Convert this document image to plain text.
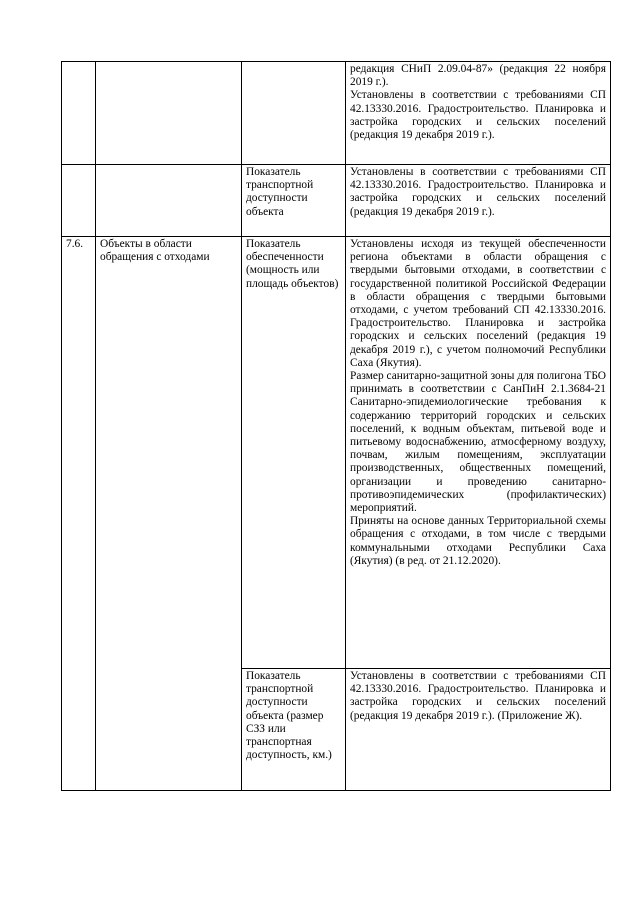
			редакция СНиП 2.09.04-87» (редакция 22 ноября 2019 г.).
Установлены в соответствии с требованиями СП 42.13330.2016. Градостроительство. Планировка и застройка городских и сельских поселений (редакция 19 декабря 2019 г.).

		Показатель транспортной доступности объекта	Установлены в соответствии с требованиями СП 42.13330.2016. Градостроительство. Планировка и застройка городских и сельских поселений (редакция 19 декабря 2019 г.).

7.6.	Объекты в области обращения с отходами	Показатель обеспеченности (мощность или площадь объектов)	Установлены исходя из текущей обеспеченности региона объектами в области обращения с твердыми бытовыми отходами, в соответствии с государственной политикой Российской Федерации в области обращения с твердыми бытовыми отходами, с учетом требований СП 42.13330.2016. Градостроительство. Планировка и застройка городских и сельских поселений (редакция 19 декабря 2019 г.), с учетом полномочий Республики Саха (Якутия).
Размер санитарно-защитной зоны для полигона ТБО принимать в соответствии с СанПиН 2.1.3684-21 Санитарно-эпидемиологические требования к содержанию территорий городских и сельских поселений, к водным объектам, питьевой воде и питьевому водоснабжению, атмосферному воздуху, почвам, жилым помещениям, эксплуатации производственных, общественных помещений, организации и проведению санитарно-противоэпидемических (профилактических) мероприятий.
Приняты на основе данных Территориальной схемы обращения с отходами, в том числе с твердыми коммунальными отходами Республики Саха (Якутия) (в ред. от 21.12.2020).

		Показатель транспортной доступности объекта (размер СЗЗ или транспортная доступность, км.)	Установлены в соответствии с требованиями СП 42.13330.2016. Градостроительство. Планировка и застройка городских и сельских поселений (редакция 19 декабря 2019 г.). (Приложение Ж).
